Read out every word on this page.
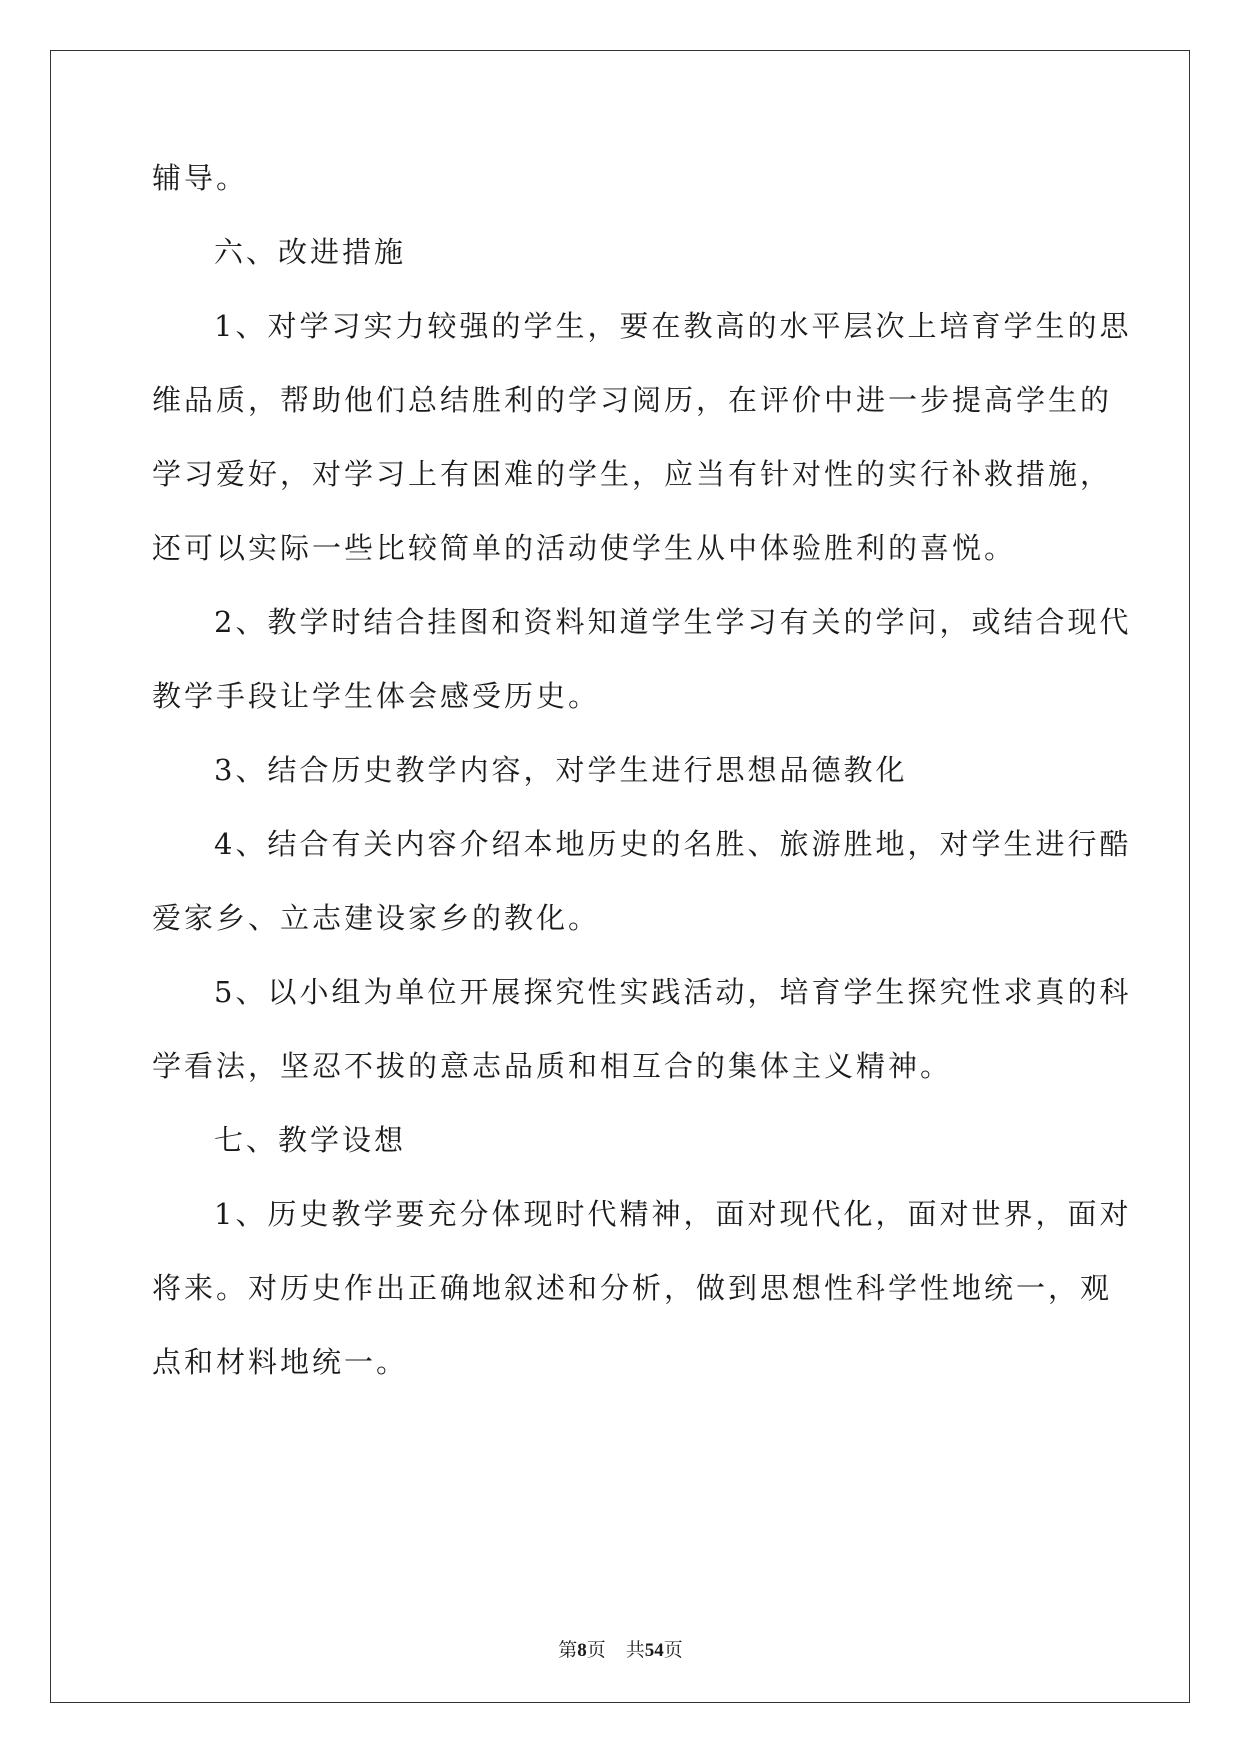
辅导。
六、改进措施
1、对学习实力较强的学生，要在教高的水平层次上培育学生的思
维品质，帮助他们总结胜利的学习阅历，在评价中进一步提高学生的
学习爱好，对学习上有困难的学生，应当有针对性的实行补救措施，
还可以实际一些比较简单的活动使学生从中体验胜利的喜悦。
2、教学时结合挂图和资料知道学生学习有关的学问，或结合现代
教学手段让学生体会感受历史。
3、结合历史教学内容，对学生进行思想品德教化
4、结合有关内容介绍本地历史的名胜、旅游胜地，对学生进行酷
爱家乡、立志建设家乡的教化。
5、以小组为单位开展探究性实践活动，培育学生探究性求真的科
学看法，坚忍不拔的意志品质和相互合的集体主义精神。
七、教学设想
1、历史教学要充分体现时代精神，面对现代化，面对世界，面对
将来。对历史作出正确地叙述和分析，做到思想性科学性地统一，观
点和材料地统一。
第8页 共54页
